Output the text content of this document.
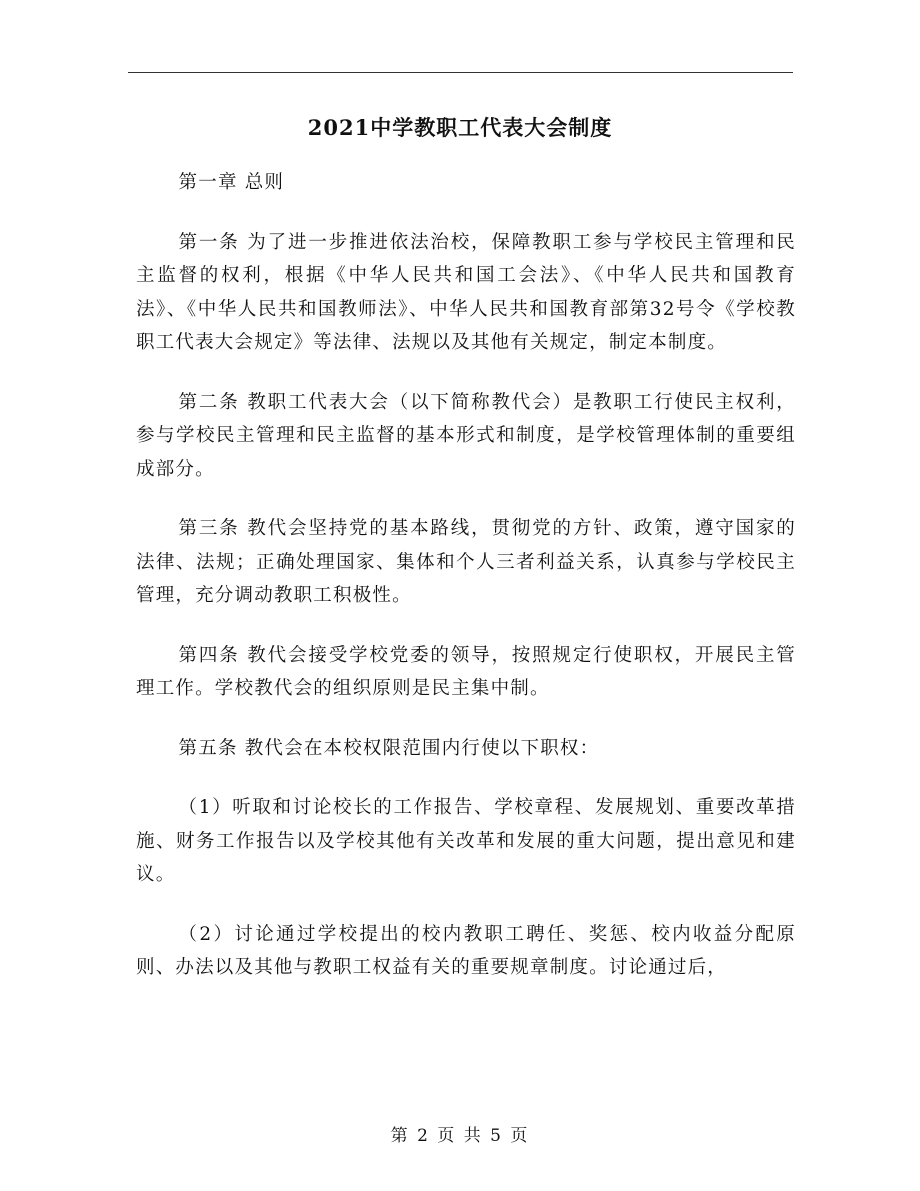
2021中学教职工代表大会制度

第一章 总则

第一条 为了进一步推进依法治校，保障教职工参与学校民主管理和民主监督的权利，根据《中华人民共和国工会法》、《中华人民共和国教育法》、《中华人民共和国教师法》、中华人民共和国教育部第32号令《学校教职工代表大会规定》等法律、法规以及其他有关规定，制定本制度。

第二条 教职工代表大会（以下简称教代会）是教职工行使民主权利，参与学校民主管理和民主监督的基本形式和制度，是学校管理体制的重要组成部分。

第三条 教代会坚持党的基本路线，贯彻党的方针、政策，遵守国家的法律、法规；正确处理国家、集体和个人三者利益关系，认真参与学校民主管理，充分调动教职工积极性。

第四条 教代会接受学校党委的领导，按照规定行使职权，开展民主管理工作。学校教代会的组织原则是民主集中制。

第五条 教代会在本校权限范围内行使以下职权：

（1）听取和讨论校长的工作报告、学校章程、发展规划、重要改革措施、财务工作报告以及学校其他有关改革和发展的重大问题，提出意见和建议。

（2）讨论通过学校提出的校内教职工聘任、奖惩、校内收益分配原则、办法以及其他与教职工权益有关的重要规章制度。讨论通过后，

第 2 页 共 5 页
